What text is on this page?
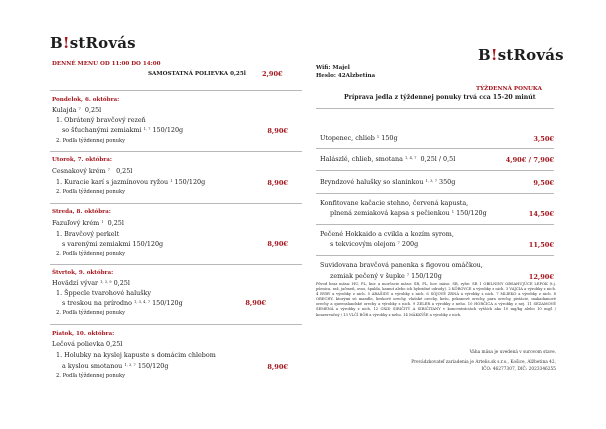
B!stRovás
DENNÉ MENU OD 11:00 DO 14:00
SAMOSTATNÁ POLIEVKA 0,25l 2,90€
Pondelok, 6. októbra:
Kulajda $^7$ 0,25l
1. Obrátený bravčový rezeň
so šťuchanými zemiakmi $^{1, 7}$ 150/120g	8,90€
2. Podľa týždennej ponuky
Utorok, 7. októbra:
Cesnakový krém $^7$ 0,25l
1. Kuracie karí s jazmínovou ryžou $^1$ 150/120g	8,90€
2. Podľa týždennej ponuky
Streda, 8. októbra:
Fazuľový krém $^1$ 0,25l
1. Bravčový perkelt
s varenými zemiakmi 150/120g	8,90€
2. Podľa týždennej ponuky
Štvrtok, 9. októbra:
Hovädzí vývar $^{1, 3, 9}$ 0,25l
1. Šppecle tvarohové halušky
s treskou na prírodno $^{1, 3, 4, 7}$ 150/120g	8,90€
2. Podľa týždennej ponuky
Piatok, 10. októbra:
Lečová polievka 0,25l
1. Holubky na kyslej kapuste s domácim chlebom
a kyslou smotanou $^{1, 3, 7}$ 150/120g	8,90€
2. Podľa týždennej ponuky
B!stRovás
Wifi: Majel
Heslo: 42Alzbetina
TÝŽDENNÁ PONUKA
Príprava jedla z týždennej ponuky trvá cca 15-20 minút
Utopenec, chlieb $^1$ 150g	3,50€
Halászlé, chlieb, smotana $^{1, 4, 7}$ 0,25l / 0,5l	4,90€ / 7,90€
Bryndzové halušky so slaninkou $^{1, 3, 7}$ 350g	9,50€
Konfitovane kačacie stehno, červená kapusta,
plnená zemiaková kapsa s pečienkou $^1$ 150/120g	14,50€
Pečené Hokkaido a cvikla a kozím syrom,
s tekvicovým olejom $^7$ 200g	11,50€
Suvidovana bravčová panenka s figovou omáčkou,
zemiak pečený v šupke $^7$ 150/120g	12,90€
Pôvod hraz mäsa: HU, PL, kur. a morčacie mäso: SR, PL, hov. mäso: SR, rybe: SR 1 OBILNINY OBSAHUJÚCE LEPOK (t.j. pšenica, raž, jačmeň, ovos, špalda, kamut alebo ich hybridné odrody). 2 KÔROVCE a výrobky z nich. 3 VAJCIA a výrobky z nich. 4 RYBY a výrobky z nich. 5 ARAŠIDY a výrobky z nich. 6 SÓJOVÉ ZRNÁ a výrobky z nich. 7 MLIEKO a výrobky z nich. 8 ORECHY, ktorými sú mandle, lieskové orechy, vlašské orechy, kešu, pekanové orechy, para orechy, pistácie, makadamové orechy a queenslandské orechy a výrobky z nich. 9 ZELER a výrobky z neho. 10 HORČICA a výrobky z nej. 11 SEZAMOVÉ SEMENÁ a výrobky z nich. 12 OXID SIRIČITÝ A SIRIČITANY v koncentráciách vyšších ako 10 mg/kg alebo 10 mg/l / konzervačný / 13 VLČÍ BÔB a výrobky z neho. 14 MÄKKÝŠE a výrobky z nich.
Váha mäsa je uvedená v surovom stave.
Prevádzkovateľ zariadenia je Artelis.sk s.r.o., Košice, Alžbetina 42,
IČO: 46277307, DIČ: 2023346255
